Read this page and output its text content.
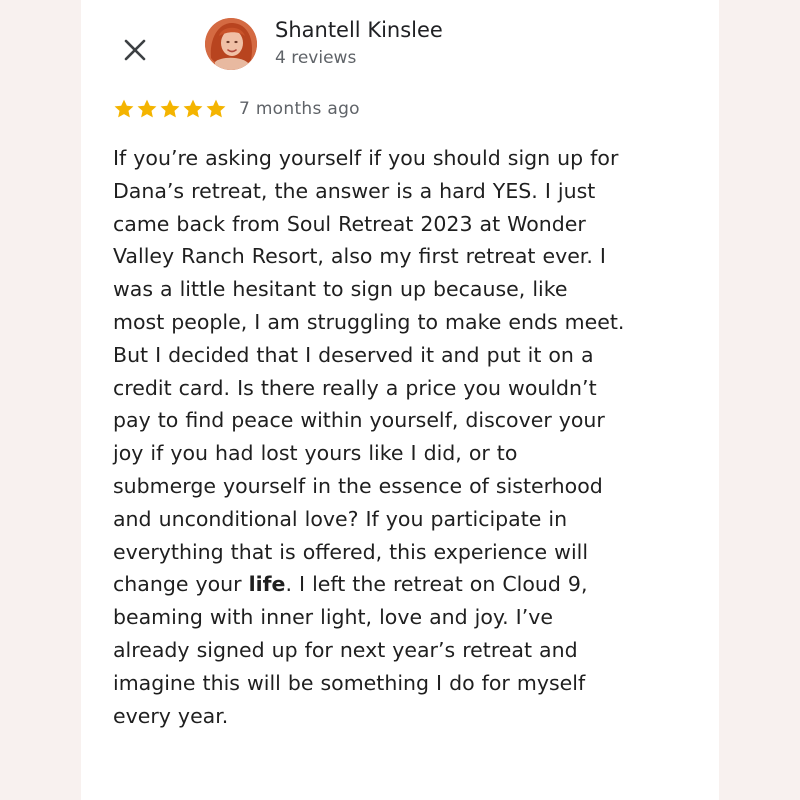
Shantell Kinslee
4 reviews
7 months ago
If you’re asking yourself if you should sign up for
Dana’s retreat, the answer is a hard YES. I just
came back from Soul Retreat 2023 at Wonder
Valley Ranch Resort, also my first retreat ever. I
was a little hesitant to sign up because, like
most people, I am struggling to make ends meet.
But I decided that I deserved it and put it on a
credit card. Is there really a price you wouldn’t
pay to find peace within yourself, discover your
joy if you had lost yours like I did, or to
submerge yourself in the essence of sisterhood
and unconditional love? If you participate in
everything that is offered, this experience will
change your life. I left the retreat on Cloud 9,
beaming with inner light, love and joy. I’ve
already signed up for next year’s retreat and
imagine this will be something I do for myself
every year.
